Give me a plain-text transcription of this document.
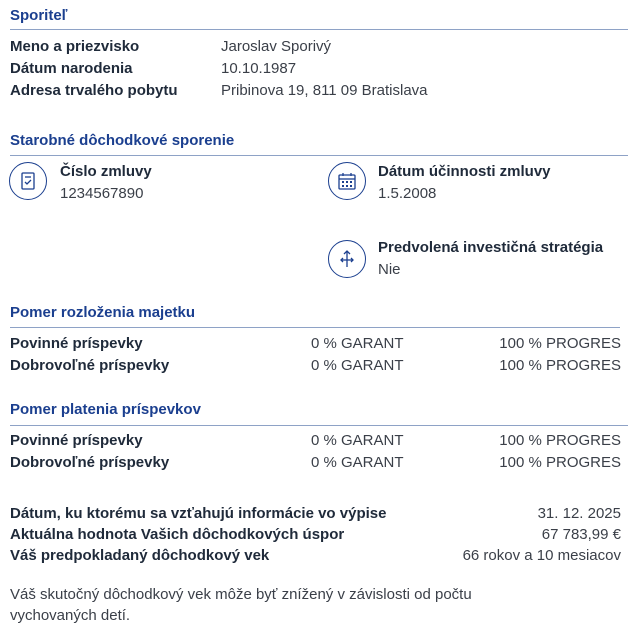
Sporiteľ
Meno a priezvisko	Jaroslav Sporivý
Dátum narodenia	10.10.1987
Adresa trvalého pobytu	Pribinova 19, 811 09 Bratislava
Starobné dôchodkové sporenie
Číslo zmluvy
1234567890
Dátum účinnosti zmluvy
1.5.2008
Predvolená investičná stratégia
Nie
Pomer rozloženia majetku
Povinné príspevky	0 % GARANT	100 % PROGRES
Dobrovoľné príspevky	0 % GARANT	100 % PROGRES
Pomer platenia príspevkov
Povinné príspevky	0 % GARANT	100 % PROGRES
Dobrovoľné príspevky	0 % GARANT	100 % PROGRES
Dátum, ku ktorému sa vzťahujú informácie vo výpise	31. 12. 2025
Aktuálna hodnota Vašich dôchodkových úspor	67 783,99 €
Váš predpokladaný dôchodkový vek	66 rokov a 10 mesiacov
Váš skutočný dôchodkový vek môže byť znížený v závislosti od počtu vychovaných detí.
